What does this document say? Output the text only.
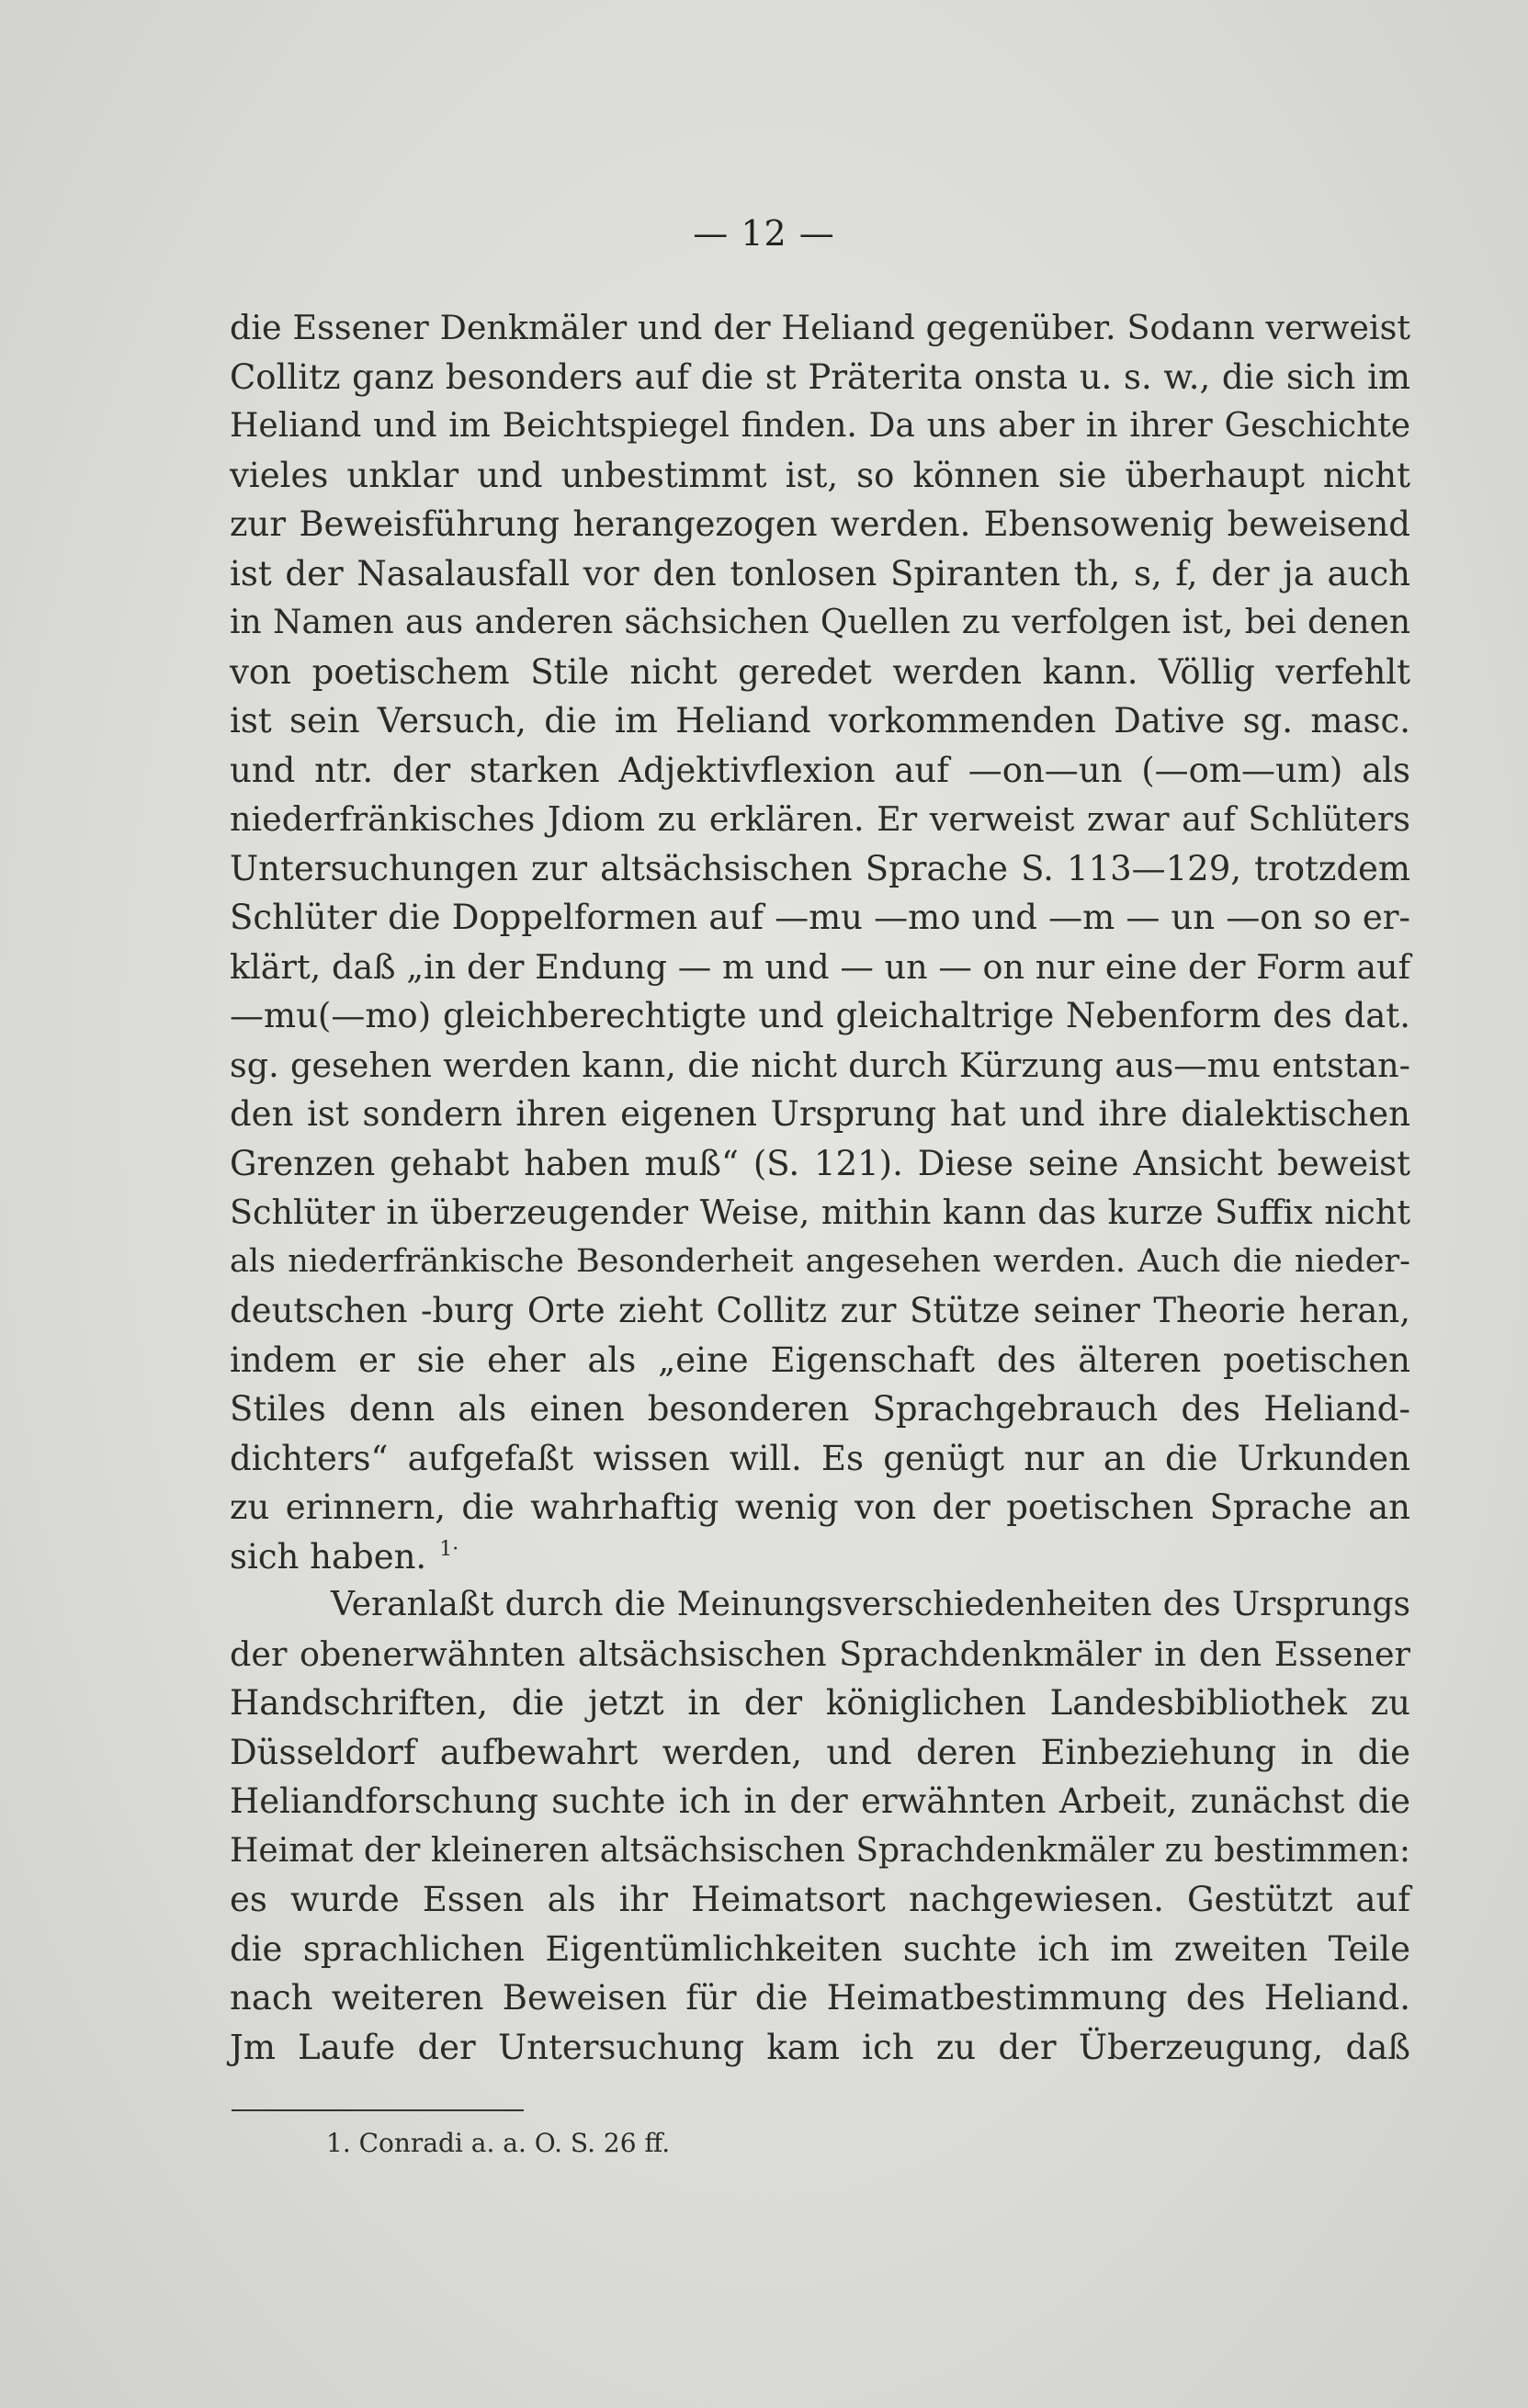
— 12 —
die Essener Denkmäler und der Heliand gegenüber. Sodann verweist
Collitz ganz besonders auf die st Präterita onsta u. s. w., die sich im
Heliand und im Beichtspiegel finden. Da uns aber in ihrer Geschichte
vieles unklar und unbestimmt ist, so können sie überhaupt nicht
zur Beweisführung herangezogen werden. Ebensowenig beweisend
ist der Nasalausfall vor den tonlosen Spiranten th, s, f, der ja auch
in Namen aus anderen sächsichen Quellen zu verfolgen ist, bei denen
von poetischem Stile nicht geredet werden kann. Völlig verfehlt
ist sein Versuch, die im Heliand vorkommenden Dative sg. masc.
und ntr. der starken Adjektivflexion auf —on—un (—om—um) als
niederfränkisches Jdiom zu erklären. Er verweist zwar auf Schlüters
Untersuchungen zur altsächsischen Sprache S. 113—129, trotzdem
Schlüter die Doppelformen auf —mu —mo und —m — un —on so er-
klärt, daß „in der Endung — m und — un — on nur eine der Form auf
—mu(—mo) gleichberechtigte und gleichaltrige Nebenform des dat.
sg. gesehen werden kann, die nicht durch Kürzung aus—mu entstan-
den ist sondern ihren eigenen Ursprung hat und ihre dialektischen
Grenzen gehabt haben muß“ (S. 121). Diese seine Ansicht beweist
Schlüter in überzeugender Weise, mithin kann das kurze Suffix nicht
als niederfränkische Besonderheit angesehen werden. Auch die nieder-
deutschen -burg Orte zieht Collitz zur Stütze seiner Theorie heran,
indem er sie eher als „eine Eigenschaft des älteren poetischen
Stiles denn als einen besonderen Sprachgebrauch des Heliand-
dichters“ aufgefaßt wissen will. Es genügt nur an die Urkunden
zu erinnern, die wahrhaftig wenig von der poetischen Sprache an
sich haben. $^{1\cdot}$
Veranlaßt durch die Meinungsverschiedenheiten des Ursprungs
der obenerwähnten altsächsischen Sprachdenkmäler in den Essener
Handschriften, die jetzt in der königlichen Landesbibliothek zu
Düsseldorf aufbewahrt werden, und deren Einbeziehung in die
Heliandforschung suchte ich in der erwähnten Arbeit, zunächst die
Heimat der kleineren altsächsischen Sprachdenkmäler zu bestimmen:
es wurde Essen als ihr Heimatsort nachgewiesen. Gestützt auf
die sprachlichen Eigentümlichkeiten suchte ich im zweiten Teile
nach weiteren Beweisen für die Heimatbestimmung des Heliand.
Jm Laufe der Untersuchung kam ich zu der Überzeugung, daß
1. Conradi a. a. O. S. 26 ff.
